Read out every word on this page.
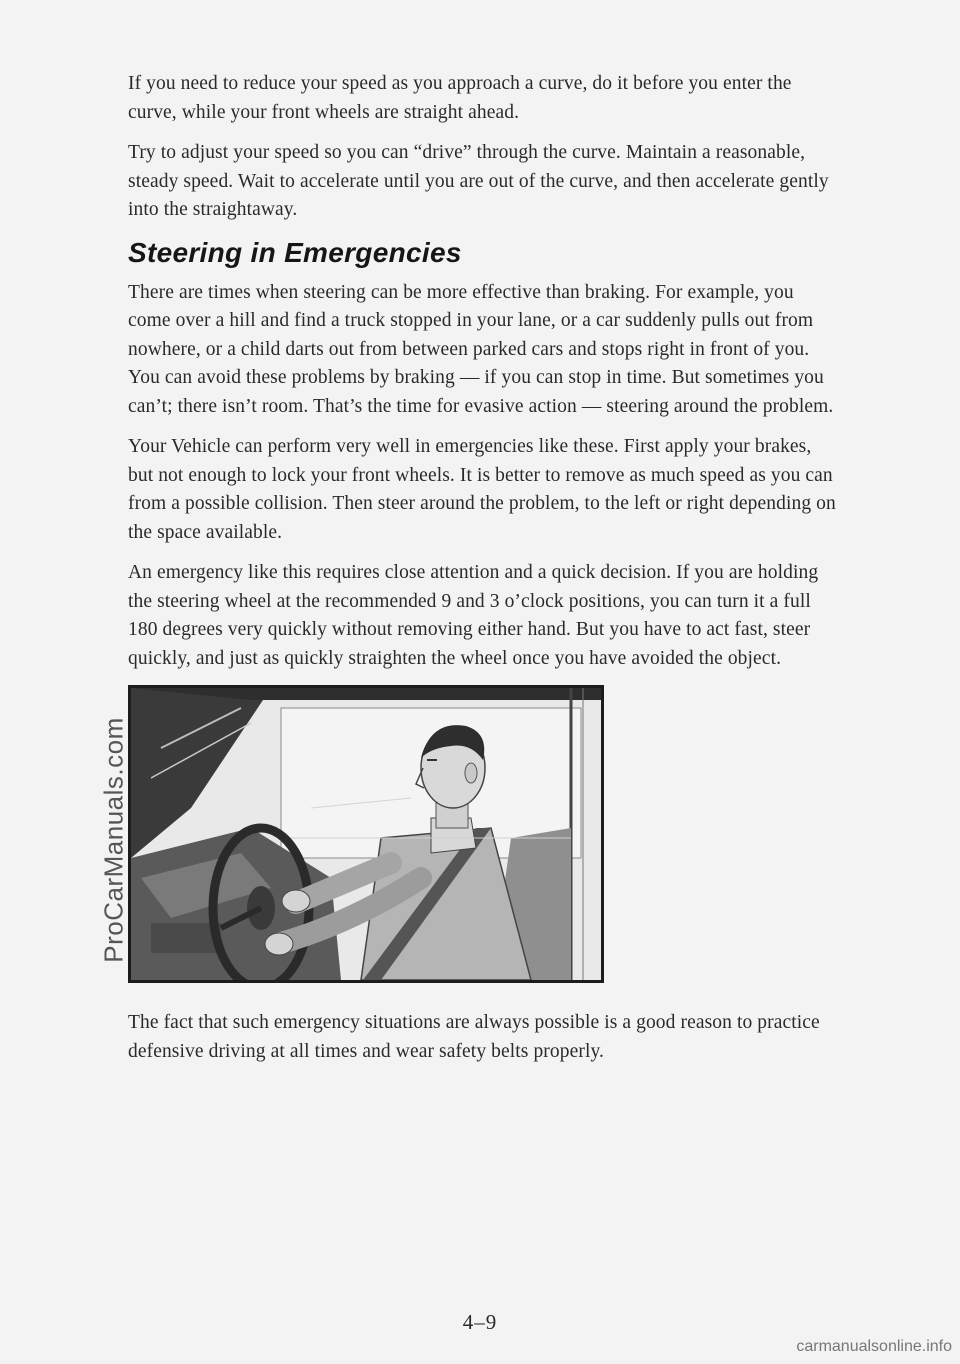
If you need to reduce your speed as you approach a curve, do it before you enter the curve, while your front wheels are straight ahead.

Try to adjust your speed so you can “drive” through the curve. Maintain a reasonable, steady speed. Wait to accelerate until you are out of the curve, and then accelerate gently into the straightaway.

Steering in Emergencies

There are times when steering can be more effective than braking. For example, you come over a hill and find a truck stopped in your lane, or a car suddenly pulls out from nowhere, or a child darts out from between parked cars and stops right in front of you. You can avoid these problems by braking — if you can stop in time. But sometimes you can’t; there isn’t room. That’s the time for evasive action — steering around the problem.

Your Vehicle can perform very well in emergencies like these. First apply your brakes, but not enough to lock your front wheels. It is better to remove as much speed as you can from a possible collision. Then steer around the problem, to the left or right depending on the space available.

An emergency like this requires close attention and a quick decision. If you are holding the steering wheel at the recommended 9 and 3 o’clock positions, you can turn it a full 180 degrees very quickly without removing either hand. But you have to act fast, steer quickly, and just as quickly straighten the wheel once you have avoided the object.

The fact that such emergency situations are always possible is a good reason to practice defensive driving at all times and wear safety belts properly.

4–9
ProCarManuals.com
carmanualsonline.info
